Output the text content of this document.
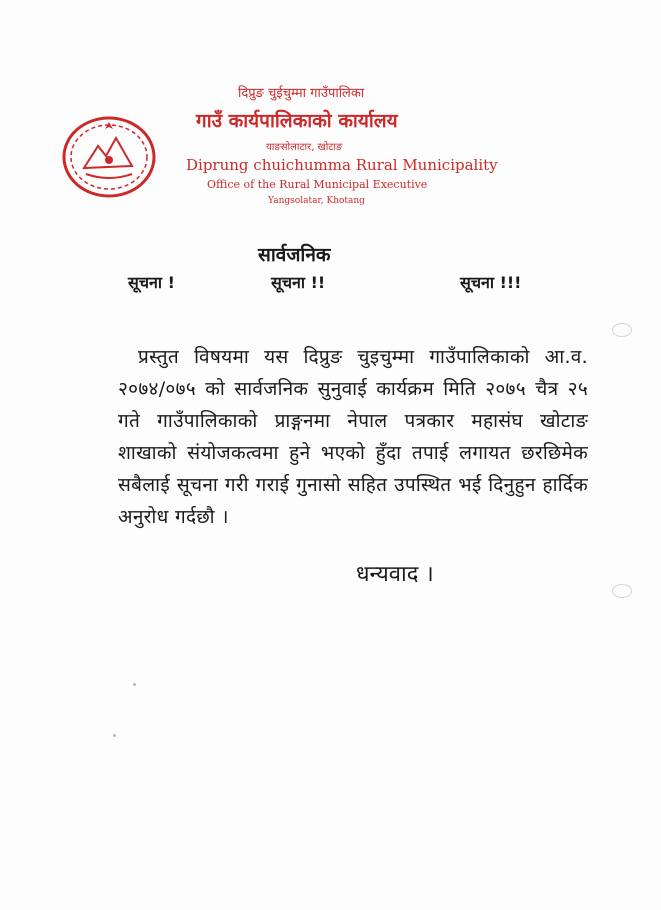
दिप्रुङ चुईचुम्मा गाउँपालिका
गाउँ कार्यपालिकाको कार्यालय
याङसोलाटार, खोटाङ
Diprung chuichumma Rural Municipality
Office of the Rural Municipal Executive
Yangsolatar, Khotang
सार्वजनिक
सूचना !	सूचना !!	सूचना !!!
प्रस्तुत विषयमा यस दिप्रुङ चुइचुम्मा गाउँपालिकाको आ.व. २०७४/०७५ को सार्वजनिक सुनुवाई कार्यक्रम मिति २०७५ चैत्र २५ गते गाउँपालिकाको प्राङ्गनमा नेपाल पत्रकार महासंघ खोटाङ शाखाको संयोजकत्वमा हुने भएको हुँदा तपाई लगायत छरछिमेक सबैलाई सूचना गरी गराई गुनासो सहित उपस्थित भई दिनुहुन हार्दिक अनुरोध गर्दछौ ।
धन्यवाद ।
